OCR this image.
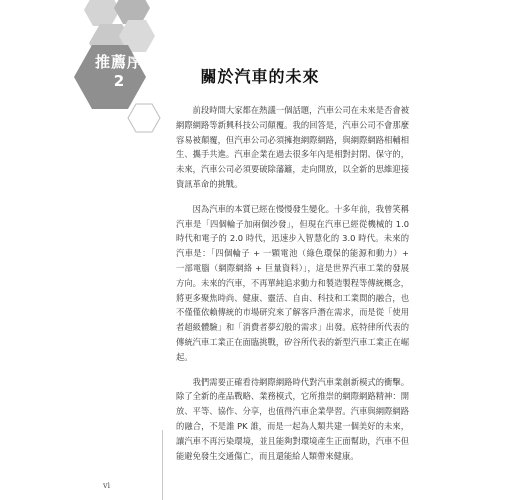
推薦序
2	關於汽車的未來

前段時間大家都在熱議一個話題，汽車公司在未來是否會被網際網路等新興科技公司顛覆。我的回答是，汽車公司不會那麼容易被顛覆，但汽車公司必須擁抱網際網路，與網際網路相輔相生、攜手共進。汽車企業在過去很多年內是相對封閉、保守的，未來，汽車公司必須要破除藩籬，走向開放，以全新的思維迎接資訊革命的挑戰。

因為汽車的本質已經在慢慢發生變化。十多年前，我曾笑稱汽車是「四個輪子加兩個沙發」，但現在汽車已經從機械的 1.0 時代和電子的 2.0 時代，迅速步入智慧化的 3.0 時代。未來的汽車是：「四個輪子 + 一顆電池（綠色環保的能源和動力）+ 一部電腦（網際網絡 + 巨量資料）」，這是世界汽車工業的發展方向。未來的汽車，不再單純追求動力和製造製程等傳統概念，將更多聚焦時尚、健康、靈活、自由、科技和工業間的融合，也不僅僅依賴傳統的市場研究來了解客戶潛在需求，而是從「使用者超級體驗」和「消費者夢幻般的需求」出發。底特律所代表的傳統汽車工業正在面臨挑戰，矽谷所代表的新型汽車工業正在崛起。

我們需要正確看待網際網路時代對汽車業創新模式的衝擊。除了全新的產品戰略、業務模式，它所推崇的網際網路精神：開放、平等、協作、分享，也值得汽車企業學習。汽車與網際網路的融合，不是誰 PK 誰，而是一起為人類共建一個美好的未來，讓汽車不再污染環境，並且能夠對環境產生正面幫助，汽車不但能避免發生交通傷亡，而且還能給人類帶來健康。

vi
